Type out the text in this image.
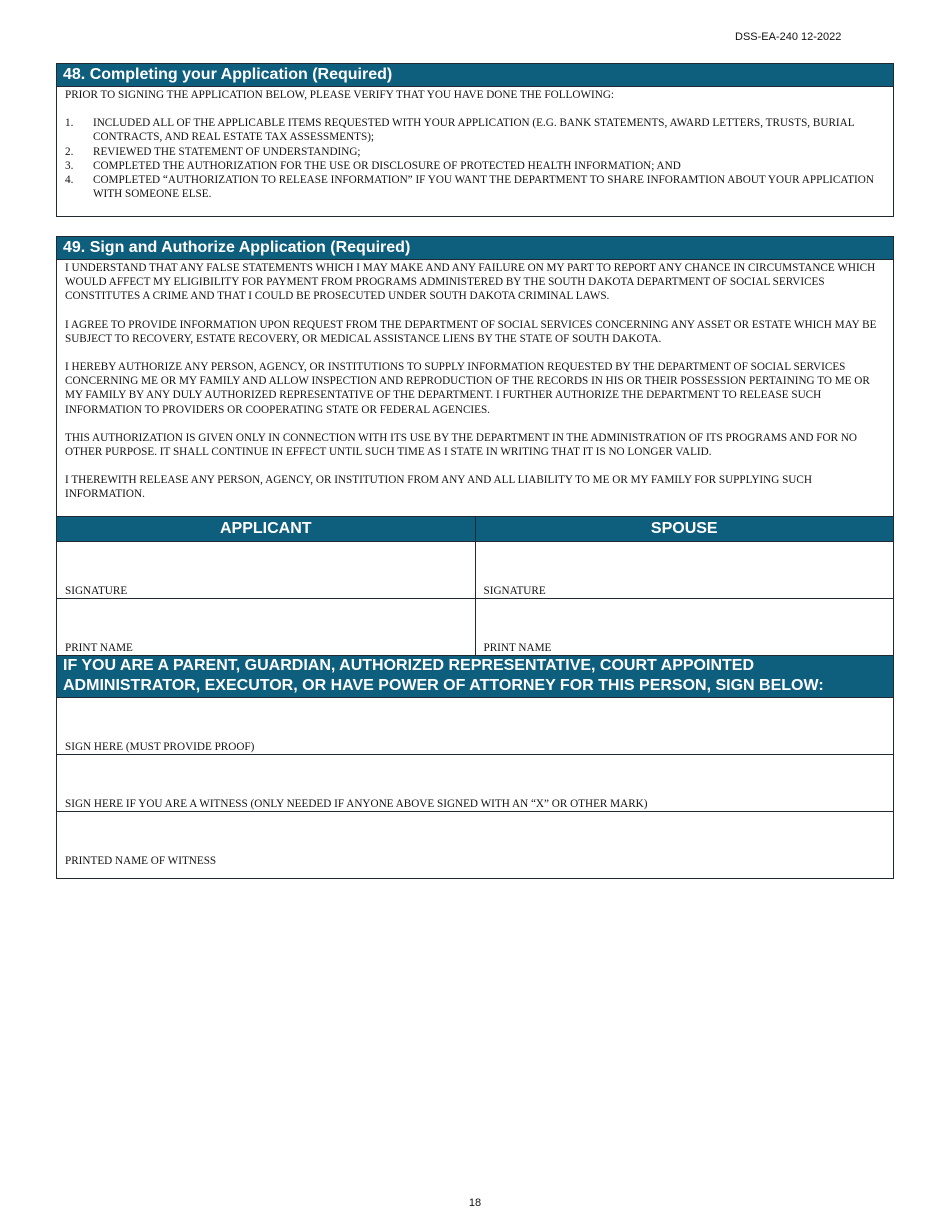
DSS-EA-240 12-2022
48. Completing your Application (Required)

PRIOR TO SIGNING THE APPLICATION BELOW, PLEASE VERIFY THAT YOU HAVE DONE THE FOLLOWING:

1.	INCLUDED ALL OF THE APPLICABLE ITEMS REQUESTED WITH YOUR APPLICATION (E.G. BANK STATEMENTS, AWARD LETTERS, TRUSTS, BURIAL CONTRACTS, AND REAL ESTATE TAX ASSESSMENTS);
2.	REVIEWED THE STATEMENT OF UNDERSTANDING;
3.	COMPLETED THE AUTHORIZATION FOR THE USE OR DISCLOSURE OF PROTECTED HEALTH INFORMATION; AND
4.	COMPLETED “AUTHORIZATION TO RELEASE INFORMATION” IF YOU WANT THE DEPARTMENT TO SHARE INFORAMTION ABOUT YOUR APPLICATION WITH SOMEONE ELSE.
49. Sign and Authorize Application (Required)

I UNDERSTAND THAT ANY FALSE STATEMENTS WHICH I MAY MAKE AND ANY FAILURE ON MY PART TO REPORT ANY CHANCE IN CIRCUMSTANCE WHICH WOULD AFFECT MY ELIGIBILITY FOR PAYMENT FROM PROGRAMS ADMINISTERED BY THE SOUTH DAKOTA DEPARTMENT OF SOCIAL SERVICES CONSTITUTES A CRIME AND THAT I COULD BE PROSECUTED UNDER SOUTH DAKOTA CRIMINAL LAWS.

I AGREE TO PROVIDE INFORMATION UPON REQUEST FROM THE DEPARTMENT OF SOCIAL SERVICES CONCERNING ANY ASSET OR ESTATE WHICH MAY BE SUBJECT TO RECOVERY, ESTATE RECOVERY, OR MEDICAL ASSISTANCE LIENS BY THE STATE OF SOUTH DAKOTA.

I HEREBY AUTHORIZE ANY PERSON, AGENCY, OR INSTITUTIONS TO SUPPLY INFORMATION REQUESTED BY THE DEPARTMENT OF SOCIAL SERVICES CONCERNING ME OR MY FAMILY AND ALLOW INSPECTION AND REPRODUCTION OF THE RECORDS IN HIS OR THEIR POSSESSION PERTAINING TO ME OR MY FAMILY BY ANY DULY AUTHORIZED REPRESENTATIVE OF THE DEPARTMENT. I FURTHER AUTHORIZE THE DEPARTMENT TO RELEASE SUCH INFORMATION TO PROVIDERS OR COOPERATING STATE OR FEDERAL AGENCIES.

THIS AUTHORIZATION IS GIVEN ONLY IN CONNECTION WITH ITS USE BY THE DEPARTMENT IN THE ADMINISTRATION OF ITS PROGRAMS AND FOR NO OTHER PURPOSE. IT SHALL CONTINUE IN EFFECT UNTIL SUCH TIME AS I STATE IN WRITING THAT IT IS NO LONGER VALID.

I THEREWITH RELEASE ANY PERSON, AGENCY, OR INSTITUTION FROM ANY AND ALL LIABILITY TO ME OR MY FAMILY FOR SUPPLYING SUCH INFORMATION.

APPLICANT	SPOUSE
SIGNATURE	SIGNATURE
PRINT NAME	PRINT NAME
IF YOU ARE A PARENT, GUARDIAN, AUTHORIZED REPRESENTATIVE, COURT APPOINTED ADMINISTRATOR, EXECUTOR, OR HAVE POWER OF ATTORNEY FOR THIS PERSON, SIGN BELOW:
SIGN HERE (MUST PROVIDE PROOF)
SIGN HERE IF YOU ARE A WITNESS (ONLY NEEDED IF ANYONE ABOVE SIGNED WITH AN “X” OR OTHER MARK)
PRINTED NAME OF WITNESS
18
